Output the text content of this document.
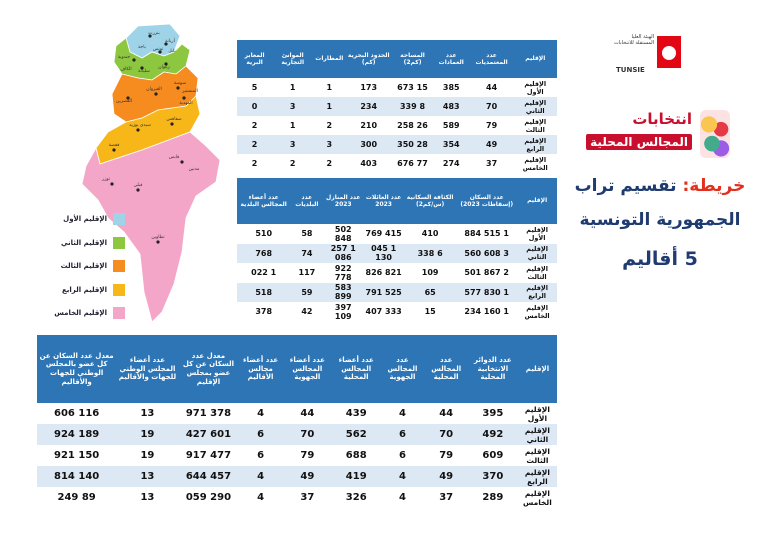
بنزرت
أريانة
تونس نابل
باجة
جندوبة
الكاف سليانة
زغوان
القصرين
القيروان
سوسة
المنستير
المهدية
سيدي بوزيد
صفاقس
قفصة
توزر
قبلي
قابس
مدنين
تطاوين
الإقليم الأول
الإقليم الثاني
الإقليم الثالث
الإقليم الرابع
الإقليم الخامس
الإقليم	عدد المعتمديات	عدد العمادات	المساحة (كم2)	الحدود البحرية (كم)	المطارات	الموانئ التجارية	المعابر البرية
الإقليم الأول	44	385	15 673	173	1	1	5
الإقليم الثاني	70	483	8 339	234	1	3	0
الإقليم الثالث	79	589	26 258	210	2	1	2
الإقليم الرابع	49	354	28 350	300	3	3	2
الإقليم الخامس	37	274	77 676	403	2	2	2
الإقليم	عدد السكان (إسقاطات 2023)	الكثافة السكانية (س/كم2)	عدد العائلات 2023	عدد المنازل 2023	عدد البلديات	عدد أعضاء المجالس البلدية
الإقليم الأول	1 515 884	410	415 769	502 848	58	510
الإقليم الثاني	3 608 560	6 338	1 045 130	1 257 086	74	768
الإقليم الثالث	2 867 501	109	821 826	922 778	117	1 022
الإقليم الرابع	1 830 577	65	525 791	583 899	59	518
الإقليم الخامس	1 160 234	15	333 407	397 109	42	378
الإقليم	عدد الدوائر الانتخابية المحلية	عدد المجالس المحلية	عدد المجالس الجهوية	عدد أعضاء المجالس المحلية	عدد أعضاء المجالس الجهوية	عدد أعضاء مجالس الأقاليم	معدل عدد السكان عن كل عضو بمجلس الإقليم	عدد أعضاء المجلس الوطني للجهات والأقاليم	معدل عدد السكان عن كل عضو بالمجلس الوطني للجهات والأقاليم
الإقليم الأول	395	44	4	439	44	4	378 971	13	116 606
الإقليم الثاني	492	70	6	562	70	6	601 427	19	189 924
الإقليم الثالث	609	79	6	688	79	6	477 917	19	150 921
الإقليم الرابع	370	49	4	419	49	4	457 644	13	140 814
الإقليم الخامس	289	37	4	326	37	4	290 059	13	89 249
الهيئة العليا المستقلة للانتخابات
TUNSIE
انتخابات
المجالس المحلية
خريطة: تقسيم تراب
الجمهورية التونسية
5 أقاليم
